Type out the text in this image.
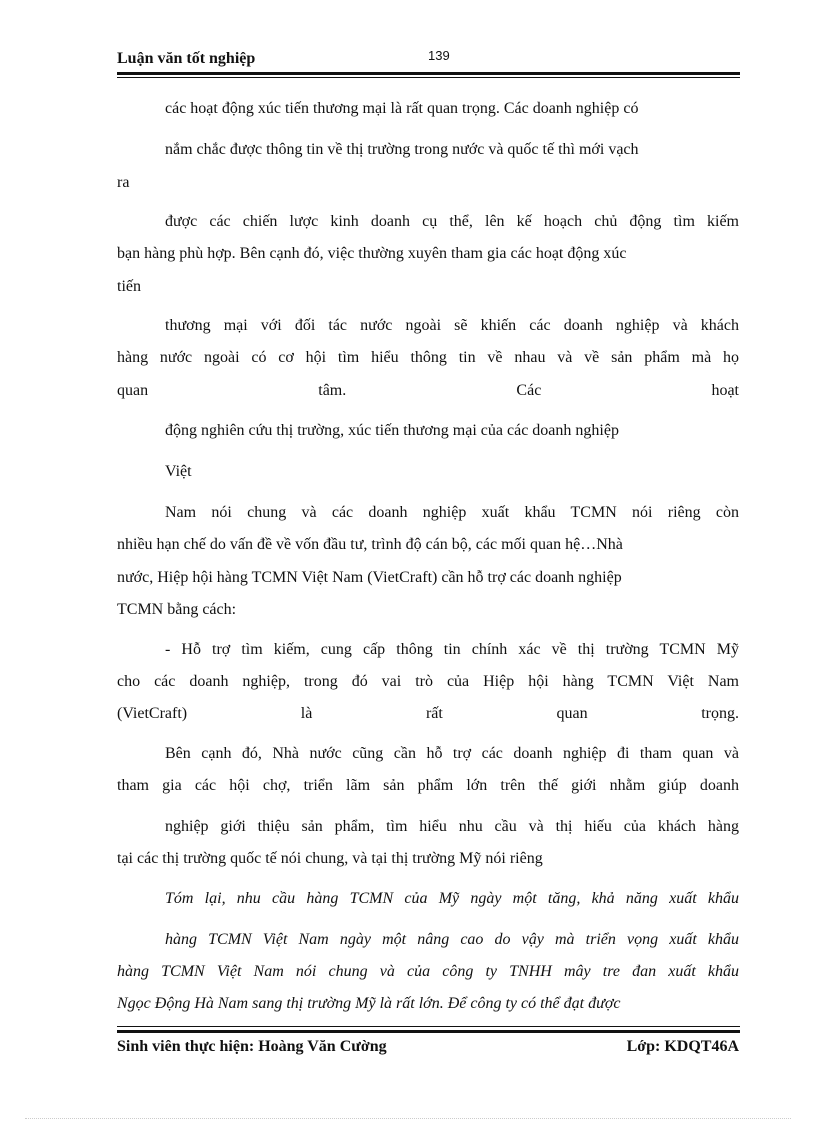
Luận văn tốt nghiệp	139
các hoạt động xúc tiến thương mại là rất quan trọng. Các doanh nghiệp có
nắm chắc được thông tin về thị trường trong nước và quốc tế thì mới vạch
ra
được các chiến lược kinh doanh cụ thể, lên kế hoạch chủ động tìm kiếm
bạn hàng phù hợp. Bên cạnh đó, việc thường xuyên tham gia các hoạt động xúc
tiến
thương mại với đối tác nước ngoài sẽ khiến các doanh nghiệp và khách
hàng nước ngoài có cơ hội tìm hiểu thông tin về nhau và về sản phẩm mà họ
quan tâm. Các hoạt
động nghiên cứu thị trường, xúc tiến thương mại của các doanh nghiệp
Việt
Nam nói chung và các doanh nghiệp xuất khẩu TCMN nói riêng còn
nhiều hạn chế do vấn đề về vốn đầu tư, trình độ cán bộ, các mối quan hệ…Nhà
nước, Hiệp hội hàng TCMN Việt Nam (VietCraft) cần hỗ trợ các doanh nghiệp
TCMN bằng cách:
- Hỗ trợ tìm kiếm, cung cấp thông tin chính xác về thị trường TCMN Mỹ
cho các doanh nghiệp, trong đó vai trò của Hiệp hội hàng TCMN Việt Nam
(VietCraft) là rất quan trọng.
Bên cạnh đó, Nhà nước cũng cần hỗ trợ các doanh nghiệp đi tham quan và
tham gia các hội chợ, triển lãm sản phẩm lớn trên thế giới nhằm giúp doanh
nghiệp giới thiệu sản phẩm, tìm hiểu nhu cầu và thị hiếu của khách hàng
tại các thị trường quốc tế nói chung, và tại thị trường Mỹ nói riêng
Tóm lại, nhu cầu hàng TCMN của Mỹ ngày một tăng, khả năng xuất khẩu
hàng TCMN Việt Nam ngày một nâng cao do vậy mà triển vọng xuất khẩu
hàng TCMN Việt Nam nói chung và của công ty TNHH mây tre đan xuất khẩu
Ngọc Động Hà Nam sang thị trường Mỹ là rất lớn. Để công ty có thể đạt được
Sinh viên thực hiện: Hoàng Văn Cường	Lớp: KDQT46A
